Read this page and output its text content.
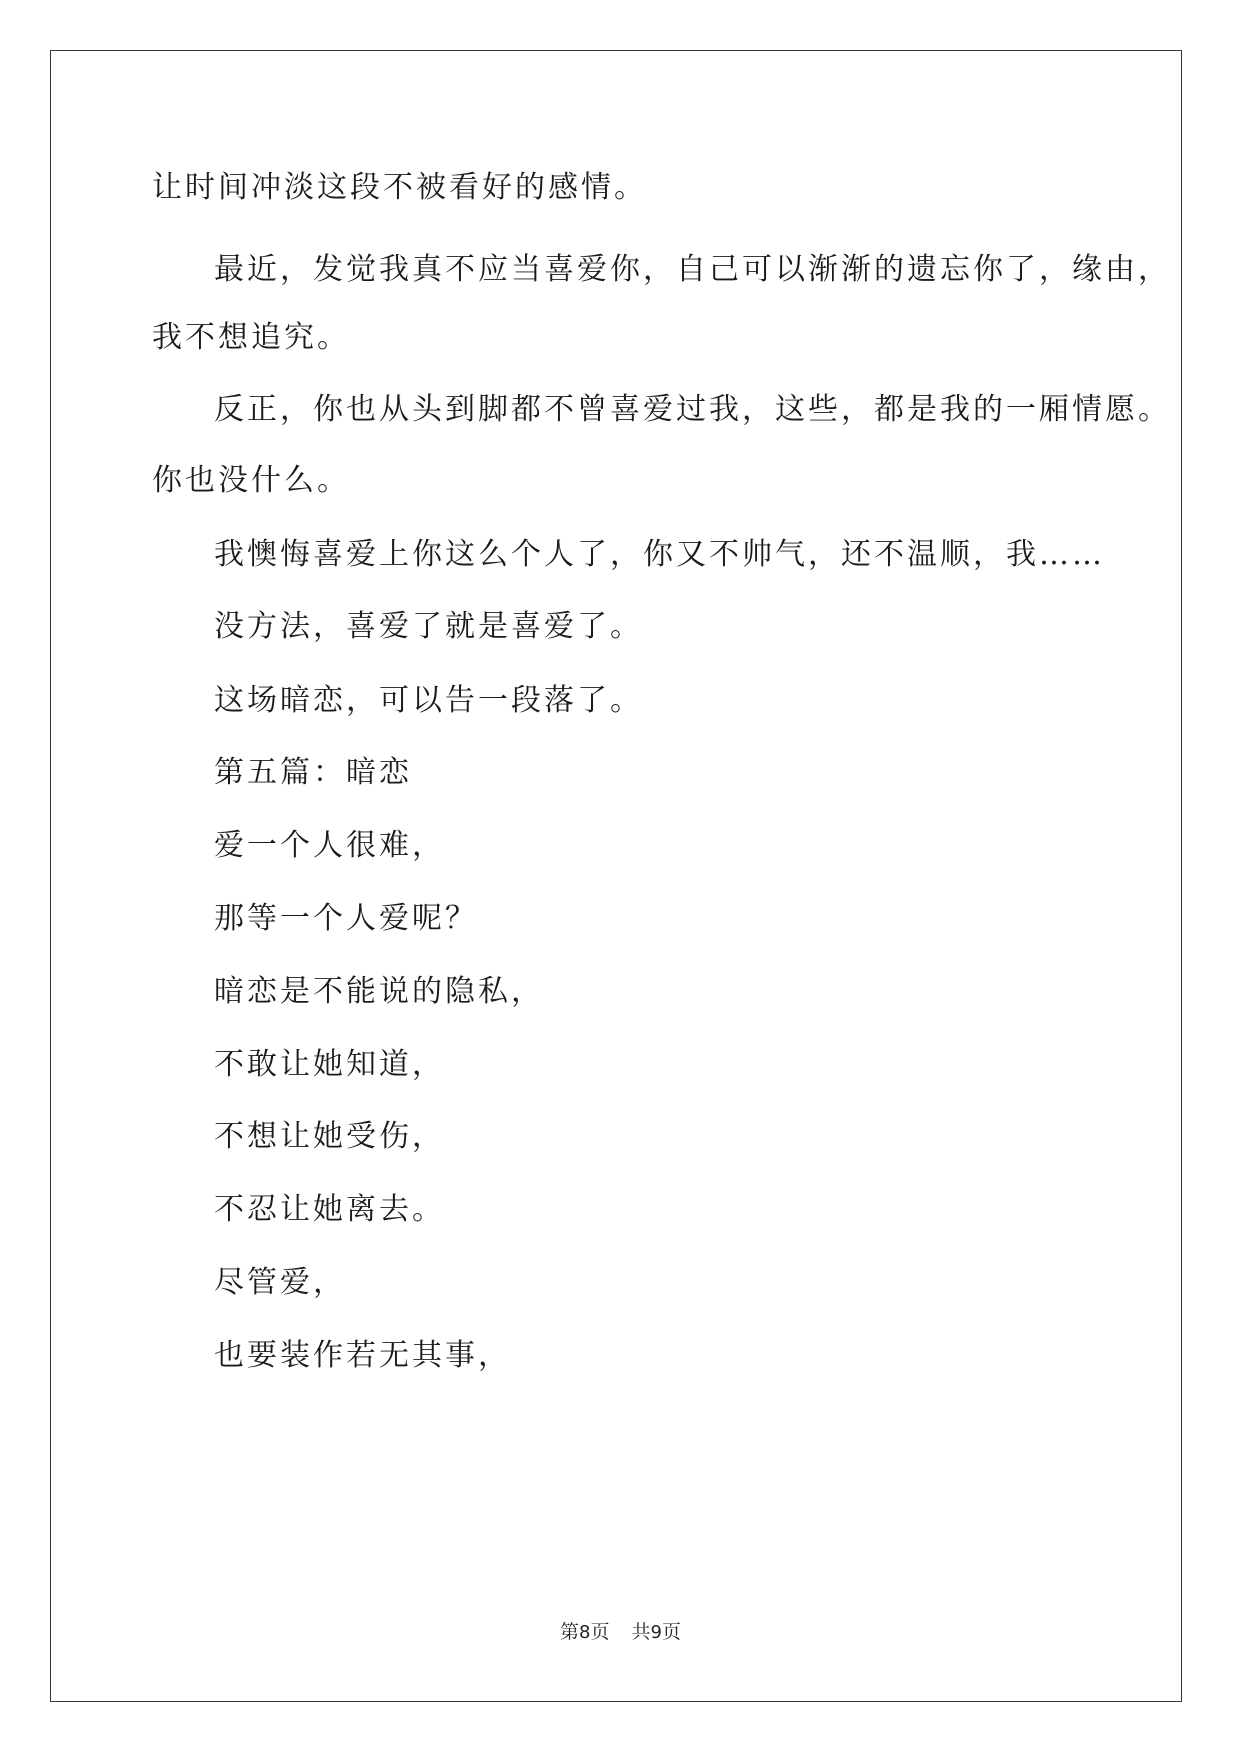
让时间冲淡这段不被看好的感情。
最近，发觉我真不应当喜爱你，自己可以渐渐的遗忘你了，缘由，
我不想追究。
反正，你也从头到脚都不曾喜爱过我，这些，都是我的一厢情愿。
你也没什么。
我懊悔喜爱上你这么个人了，你又不帅气，还不温顺，我……
没方法，喜爱了就是喜爱了。
这场暗恋，可以告一段落了。
第五篇：暗恋
爱一个人很难，
那等一个人爱呢？
暗恋是不能说的隐私，
不敢让她知道，
不想让她受伤，
不忍让她离去。
尽管爱，
也要装作若无其事，
第8页 共9页
